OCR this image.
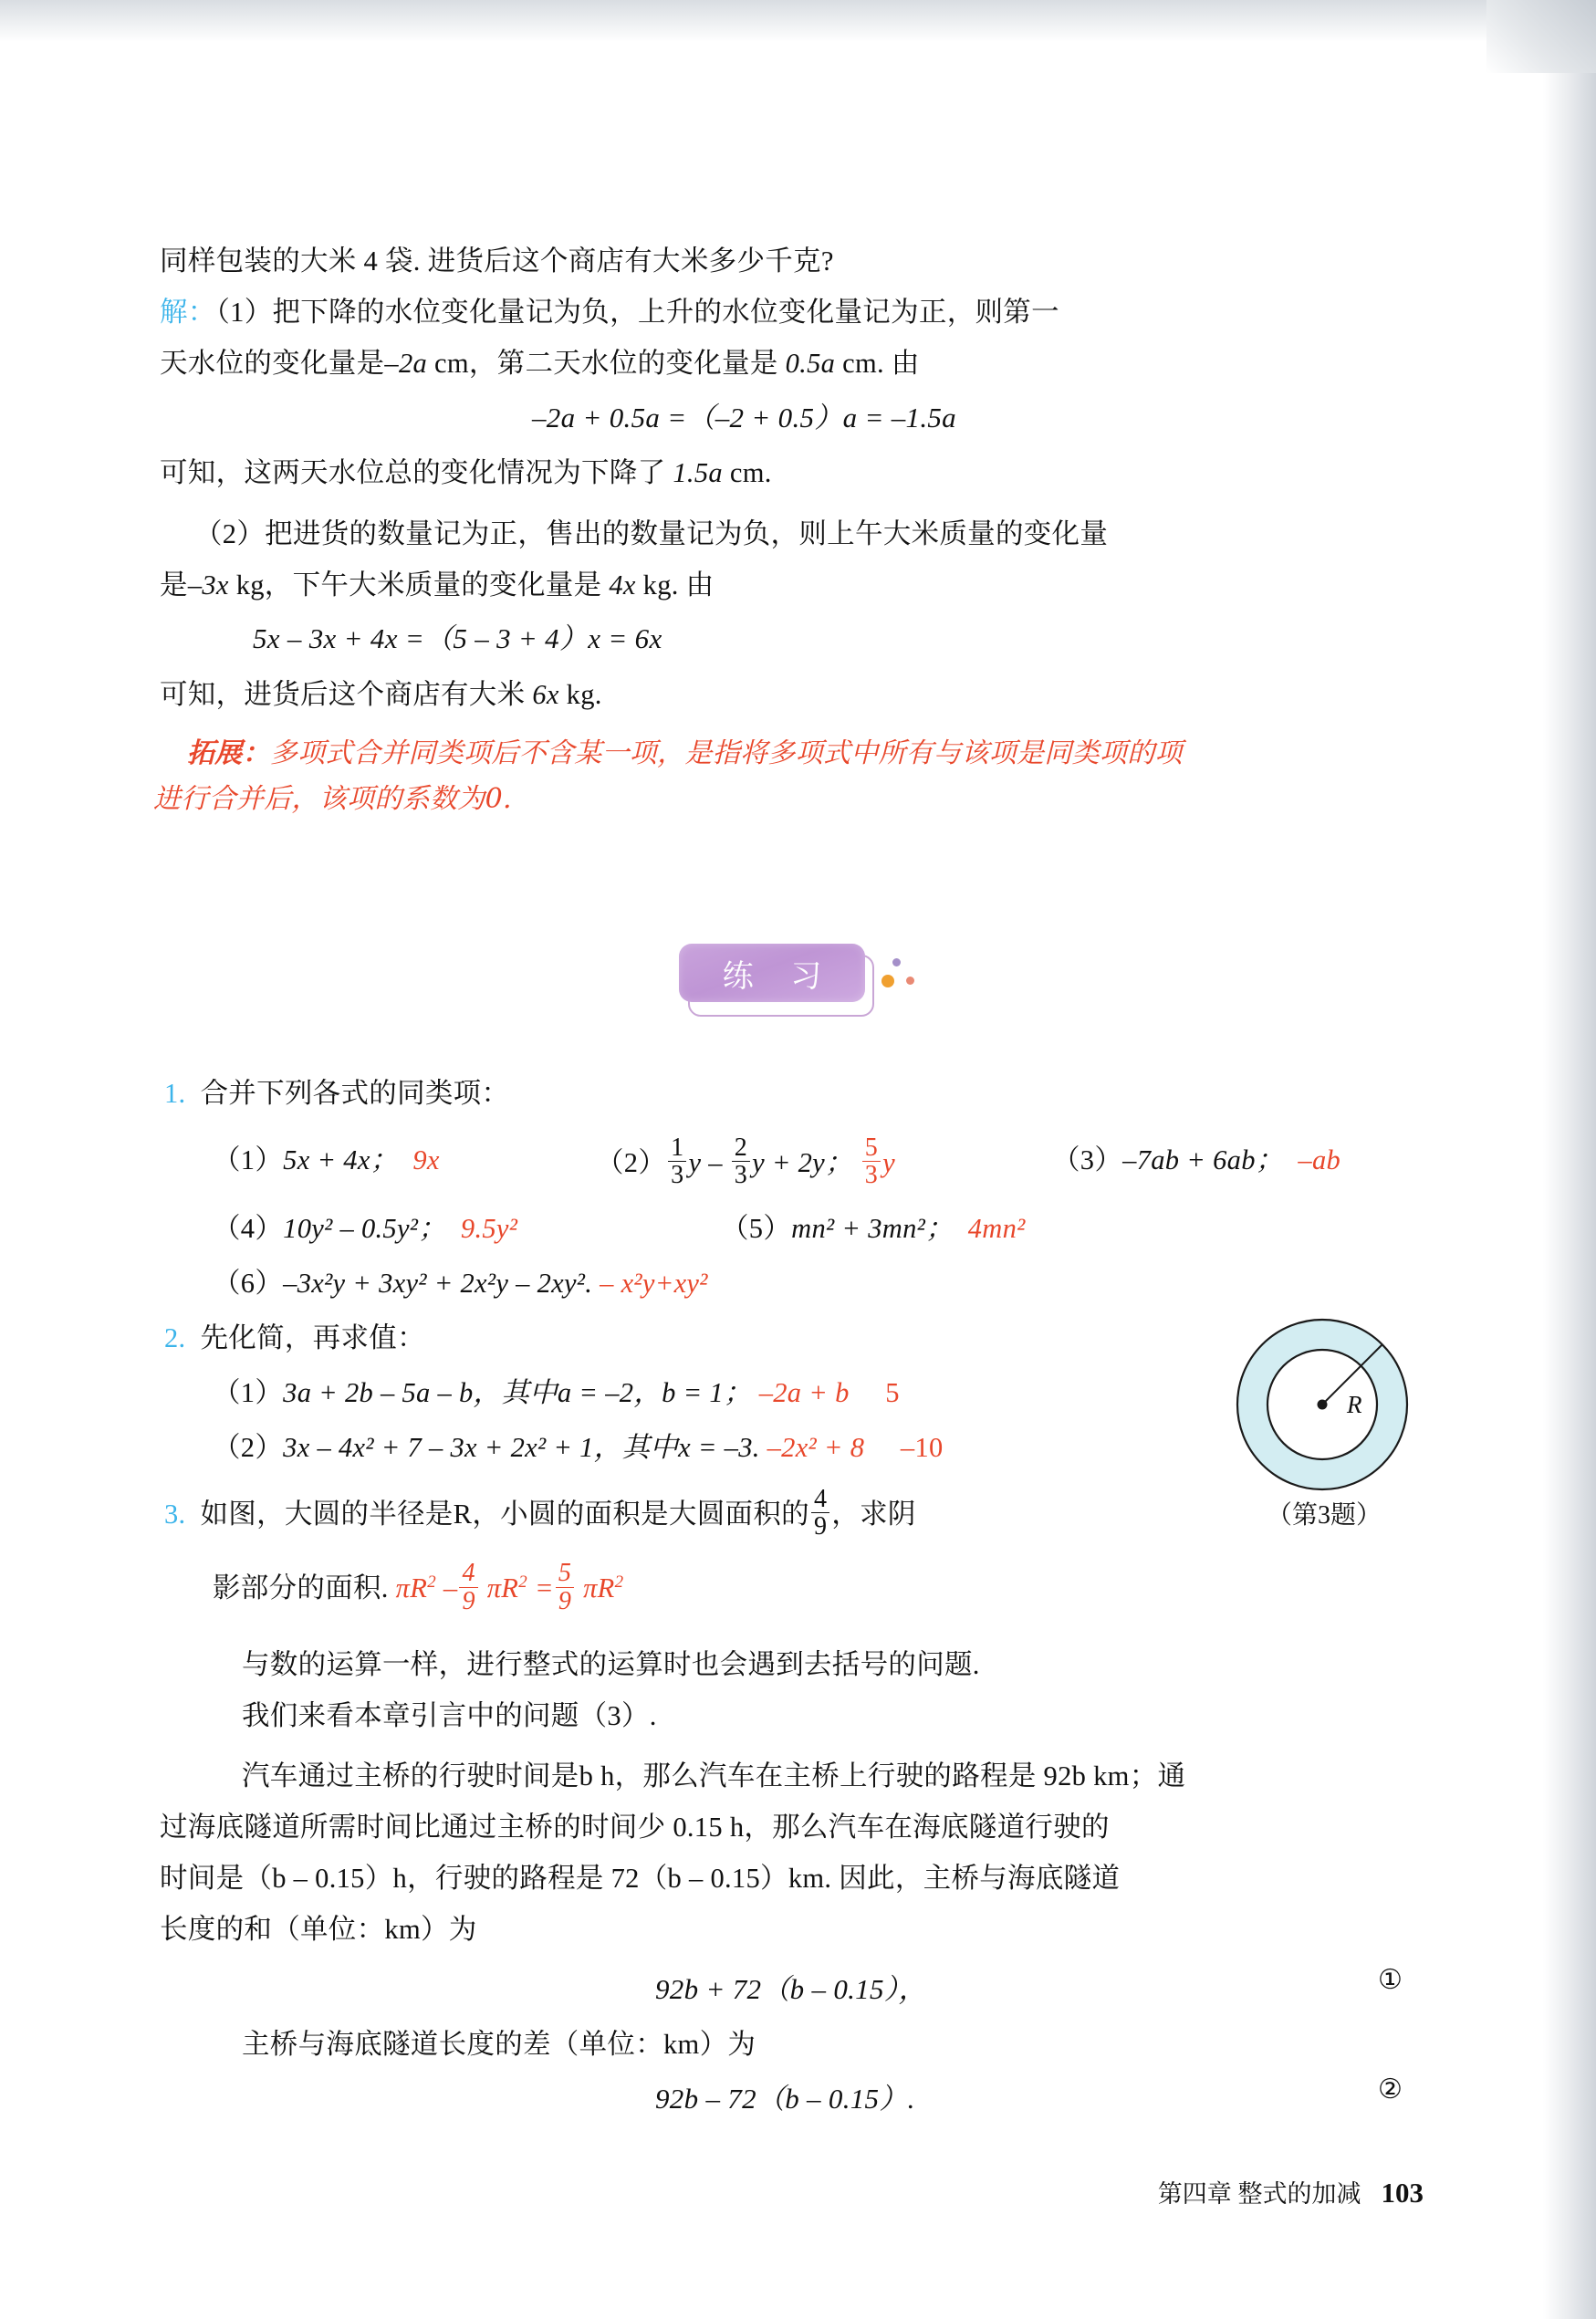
同样包装的大米 4 袋. 进货后这个商店有大米多少千克?
解：（1）把下降的水位变化量记为负，上升的水位变化量记为正，则第一
天水位的变化量是–2a cm，第二天水位的变化量是 0.5a cm. 由
–2a + 0.5a =（–2 + 0.5）a = –1.5a
可知，这两天水位总的变化情况为下降了 1.5a cm.
（2）把进货的数量记为正，售出的数量记为负，则上午大米质量的变化量
是–3x kg，下午大米质量的变化量是 4x kg. 由
5x – 3x + 4x =（5 – 3 + 4）x = 6x
可知，进货后这个商店有大米 6x kg.
拓展：多项式合并同类项后不含某一项，是指将多项式中所有与该项是同类项的项
进行合并后，该项的系数为0.
练 习
1. 合并下列各式的同类项：
（1）5x + 4x； 9x	$(2) \frac{1}{3}$ y – $\frac{2}{3}$ y + 2y； $\frac{5}{3}$ y	（3）–7ab + 6ab； –ab
（4）10y² – 0.5y²； 9.5y²	（5）mn² + 3mn²； 4mn²
（6）–3x²y + 3xy² + 2x²y – 2xy². – x²y+xy²
2. 先化简，再求值：
（1）3a + 2b – 5a – b，其中a = –2，b = 1； –2a + b 5
（2）3x – 4x² + 7 – 3x + 2x² + 1，其中x = –3. –2x² + 8 –10
3. 如图，大圆的半径是R，小圆的面积是大圆面积的 $\frac{4}{9}$ ，求阴
影部分的面积. $\pi R^2 - \frac{4}{9} \pi R^2 = \frac{5}{9} \pi R^2$
R
（第3题）
与数的运算一样，进行整式的运算时也会遇到去括号的问题.
我们来看本章引言中的问题（3）.
汽车通过主桥的行驶时间是b h，那么汽车在主桥上行驶的路程是 92b km；通
过海底隧道所需时间比通过主桥的时间少 0.15 h，那么汽车在海底隧道行驶的
时间是（b – 0.15）h，行驶的路程是 72（b – 0.15）km. 因此，主桥与海底隧道
长度的和（单位：km）为
92b + 72（b – 0.15），	①
主桥与海底隧道长度的差（单位：km）为
92b – 72（b – 0.15）.	②
第四章 整式的加减 103
